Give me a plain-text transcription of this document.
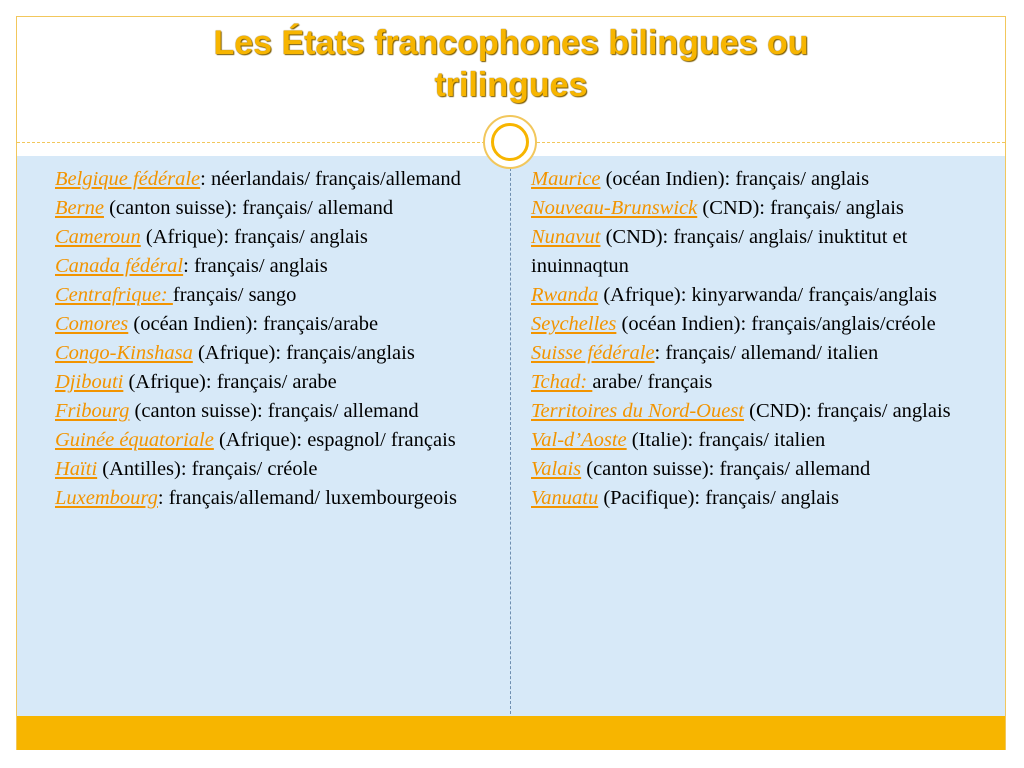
Les États francophones bilingues ou
trilingues
Belgique fédérale: néerlandais/ français/allemand
Berne (canton suisse): français/ allemand
Cameroun (Afrique): français/ anglais
Canada fédéral: français/ anglais
Centrafrique: français/ sango
Comores (océan Indien): français/arabe
Congo-Kinshasa (Afrique): français/anglais
Djibouti (Afrique): français/ arabe
Fribourg (canton suisse): français/ allemand
Guinée équatoriale (Afrique): espagnol/ français
Haïti (Antilles): français/ créole
Luxembourg: français/allemand/ luxembourgeois
Maurice (océan Indien): français/ anglais
Nouveau-Brunswick (CND): français/ anglais
Nunavut (CND): français/ anglais/ inuktitut et inuinnaqtun
Rwanda (Afrique): kinyarwanda/ français/anglais
Seychelles (océan Indien): français/anglais/créole
Suisse fédérale: français/ allemand/ italien
Tchad: arabe/ français
Territoires du Nord-Ouest (CND): français/ anglais
Val-d’Aoste (Italie): français/ italien
Valais (canton suisse): français/ allemand
Vanuatu (Pacifique): français/ anglais
